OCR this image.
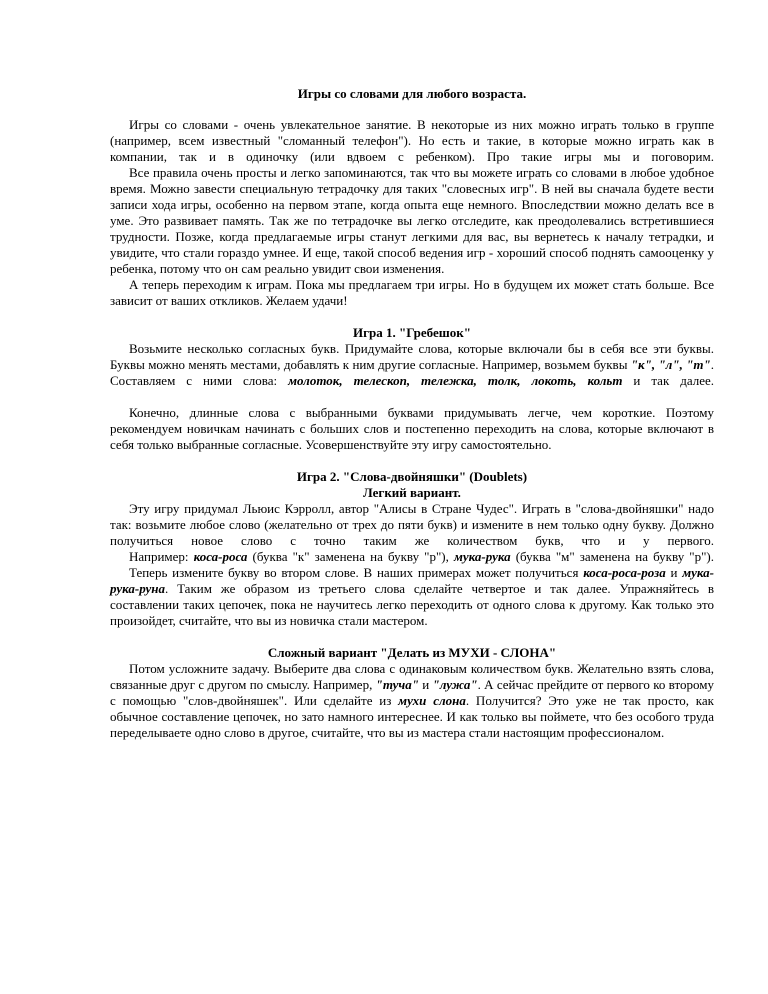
Игры со словами для любого возраста.

Игры со словами - очень увлекательное занятие. В некоторые из них можно играть только в группе (например, всем известный "сломанный телефон"). Но есть и такие, в которые можно играть как в компании, так и в одиночку (или вдвоем с ребенком). Про такие игры мы и поговорим.

Все правила очень просты и легко запоминаются, так что вы можете играть со словами в любое удобное время. Можно завести специальную тетрадочку для таких "словесных игр". В ней вы сначала будете вести записи хода игры, особенно на первом этапе, когда опыта еще немного. Впоследствии можно делать все в уме. Это развивает память. Так же по тетрадочке вы легко отследите, как преодолевались встретившиеся трудности. Позже, когда предлагаемые игры станут легкими для вас, вы вернетесь к началу тетрадки, и увидите, что стали гораздо умнее. И еще, такой способ ведения игр - хороший способ поднять самооценку у ребенка, потому что он сам реально увидит свои изменения.

А теперь переходим к играм. Пока мы предлагаем три игры. Но в будущем их может стать больше. Все зависит от ваших откликов. Желаем удачи!

Игра 1. "Гребешок"

Возьмите несколько согласных букв. Придумайте слова, которые включали бы в себя все эти буквы. Буквы можно менять местами, добавлять к ним другие согласные. Например, возьмем буквы "к", "л", "т". Составляем с ними слова: молоток, телескоп, тележка, толк, локоть, кольт и так далее.

Конечно, длинные слова с выбранными буквами придумывать легче, чем короткие. Поэтому рекомендуем новичкам начинать с больших слов и постепенно переходить на слова, которые включают в себя только выбранные согласные. Усовершенствуйте эту игру самостоятельно.

Игра 2. "Слова-двойняшки" (Doublets)

Легкий вариант.

Эту игру придумал Льюис Кэрролл, автор "Алисы в Стране Чудес". Играть в "слова-двойняшки" надо так: возьмите любое слово (желательно от трех до пяти букв) и измените в нем только одну букву. Должно получиться новое слово с точно таким же количеством букв, что и у первого.

Например: коса-роса (буква "к" заменена на букву "р"), мука-рука (буква "м" заменена на букву "р").

Теперь измените букву во втором слове. В наших примерах может получиться коса-роса-роза и мука-рука-руна. Таким же образом из третьего слова сделайте четвертое и так далее. Упражняйтесь в составлении таких цепочек, пока не научитесь легко переходить от одного слова к другому. Как только это произойдет, считайте, что вы из новичка стали мастером.

Сложный вариант "Делать из МУХИ - СЛОНА"

Потом усложните задачу. Выберите два слова с одинаковым количеством букв. Желательно взять слова, связанные друг с другом по смыслу. Например, "туча" и "лужа". А сейчас прейдите от первого ко второму с помощью "слов-двойняшек". Или сделайте из мухи слона. Получится? Это уже не так просто, как обычное составление цепочек, но зато намного интереснее. И как только вы поймете, что без особого труда переделываете одно слово в другое, считайте, что вы из мастера стали настоящим профессионалом.
